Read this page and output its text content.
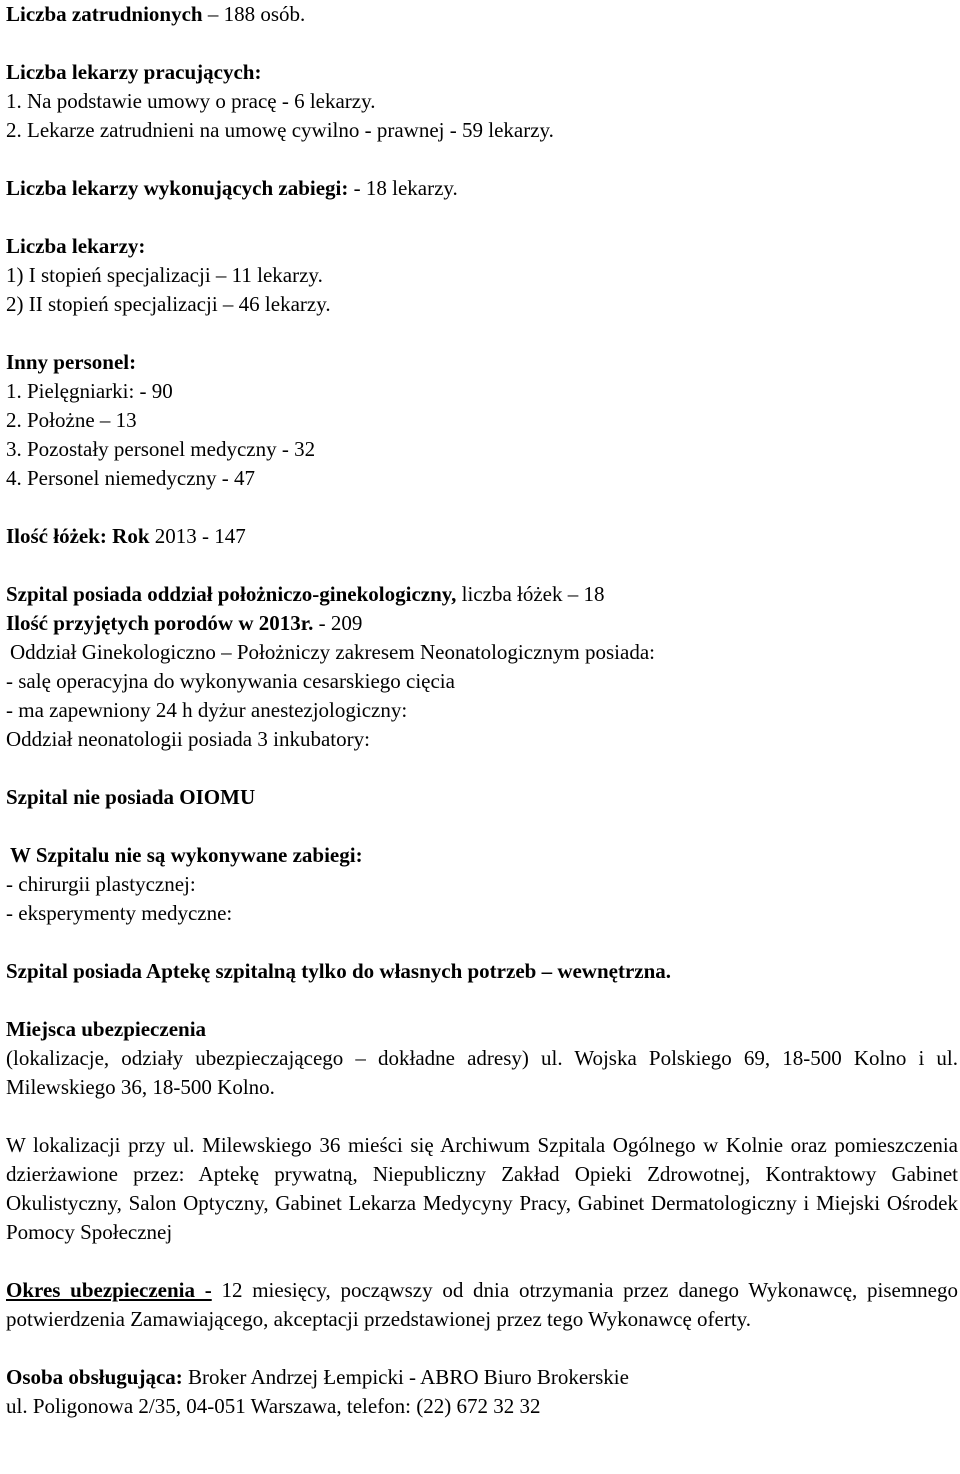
Liczba zatrudnionych – 188 osób.

Liczba lekarzy pracujących:

1. Na podstawie umowy o pracę - 6 lekarzy.

2. Lekarze zatrudnieni na umowę cywilno - prawnej - 59 lekarzy.

Liczba lekarzy wykonujących zabiegi: - 18 lekarzy.

Liczba lekarzy:

1) I stopień specjalizacji – 11 lekarzy.

2) II stopień specjalizacji – 46 lekarzy.

Inny personel:

1. Pielęgniarki: - 90

2. Położne – 13

3. Pozostały personel medyczny - 32

4. Personel niemedyczny - 47

Ilość łóżek: Rok 2013 - 147

Szpital posiada oddział położniczo-ginekologiczny, liczba łóżek – 18

Ilość przyjętych porodów w 2013r. - 209

Oddział Ginekologiczno – Położniczy zakresem Neonatologicznym posiada:

- salę operacyjna do wykonywania cesarskiego cięcia

- ma zapewniony 24 h dyżur anestezjologiczny:

Oddział neonatologii posiada 3 inkubatory:

Szpital nie posiada OIOMU

W Szpitalu nie są wykonywane zabiegi:

- chirurgii plastycznej:

- eksperymenty medyczne:

Szpital posiada Aptekę szpitalną tylko do własnych potrzeb – wewnętrzna.

Miejsca ubezpieczenia

(lokalizacje, odziały ubezpieczającego – dokładne adresy) ul. Wojska Polskiego 69, 18-500 Kolno i ul. Milewskiego 36, 18-500 Kolno.

W lokalizacji przy ul. Milewskiego 36 mieści się Archiwum Szpitala Ogólnego w Kolnie oraz pomieszczenia dzierżawione przez: Aptekę prywatną, Niepubliczny Zakład Opieki Zdrowotnej, Kontraktowy Gabinet Okulistyczny, Salon Optyczny, Gabinet Lekarza Medycyny Pracy, Gabinet Dermatologiczny i Miejski Ośrodek Pomocy Społecznej

Okres ubezpieczenia - 12 miesięcy, począwszy od dnia otrzymania przez danego Wykonawcę, pisemnego potwierdzenia Zamawiającego, akceptacji przedstawionej przez tego Wykonawcę oferty.

Osoba obsługująca: Broker Andrzej Łempicki - ABRO Biuro Brokerskie

ul. Poligonowa 2/35, 04-051 Warszawa, telefon: (22) 672 32 32
